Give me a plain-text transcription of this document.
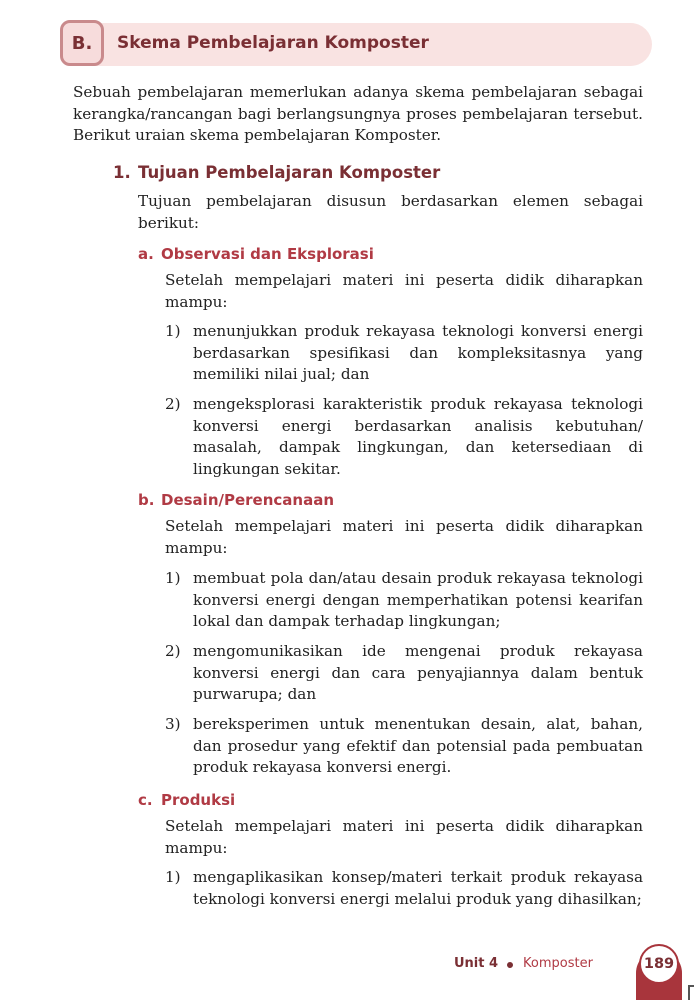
B.	Skema Pembelajaran Komposter

Sebuah pembelajaran memerlukan adanya skema pembelajaran sebagai kerangka/rancangan bagi berlangsungnya proses pembelajaran tersebut. Berikut uraian skema pembelajaran Komposter.

1. Tujuan Pembelajaran Komposter

Tujuan pembelajaran disusun berdasarkan elemen sebagai berikut:

a. Observasi dan Eksplorasi

Setelah mempelajari materi ini peserta didik diharapkan mampu:

1) menunjukkan produk rekayasa teknologi konversi energi berdasarkan spesifikasi dan kompleksitasnya yang memiliki nilai jual; dan

2) mengeksplorasi karakteristik produk rekayasa teknologi konversi energi berdasarkan analisis kebutuhan/ masalah, dampak lingkungan, dan ketersediaan di lingkungan sekitar.

b. Desain/Perencanaan

Setelah mempelajari materi ini peserta didik diharapkan mampu:

1) membuat pola dan/atau desain produk rekayasa teknologi konversi energi dengan memperhatikan potensi kearifan lokal dan dampak terhadap lingkungan;

2) mengomunikasikan ide mengenai produk rekayasa konversi energi dan cara penyajiannya dalam bentuk purwarupa; dan

3) bereksperimen untuk menentukan desain, alat, bahan, dan prosedur yang efektif dan potensial pada pembuatan produk rekayasa konversi energi.

c. Produksi

Setelah mempelajari materi ini peserta didik diharapkan mampu:

1) mengaplikasikan konsep/materi terkait produk rekayasa teknologi konversi energi melalui produk yang dihasilkan;

Unit 4 Komposter	189
